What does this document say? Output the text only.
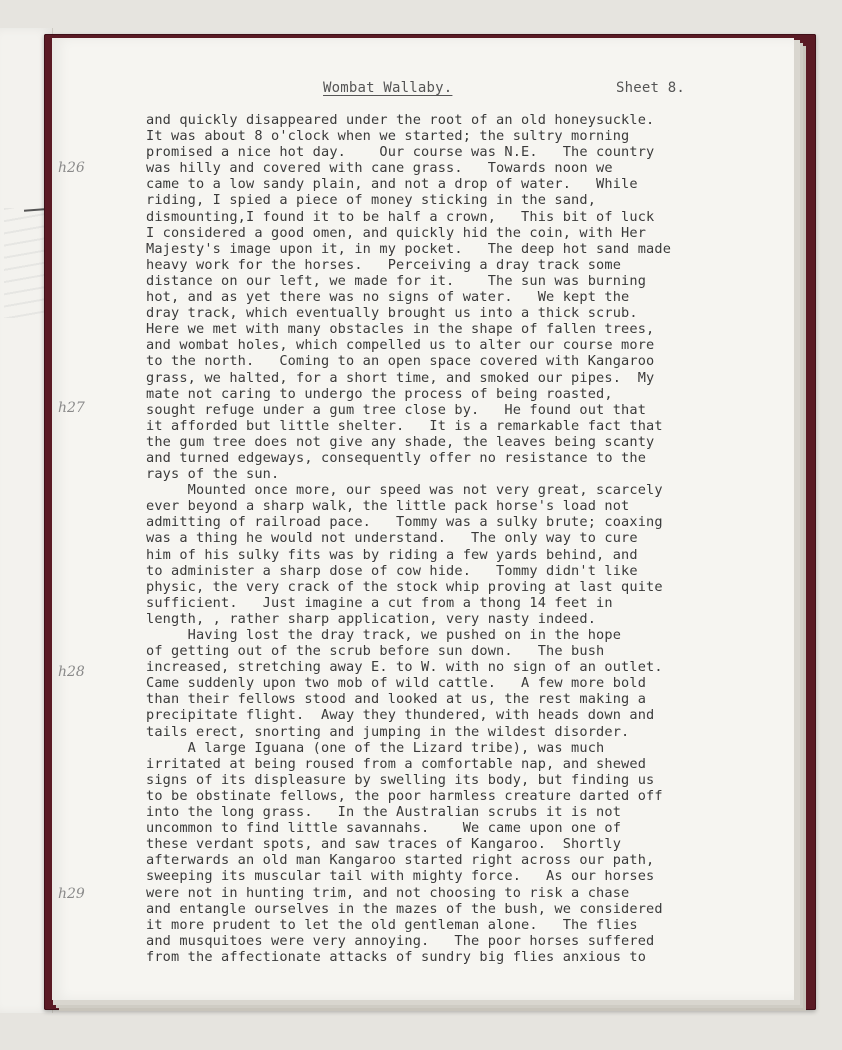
Wombat Wallaby.	Sheet 8.
h26
h27
h28
h29
and quickly disappeared under the root of an old honeysuckle.
It was about 8 o'clock when we started; the sultry morning
promised a nice hot day.    Our course was N.E.   The country
was hilly and covered with cane grass.   Towards noon we
came to a low sandy plain, and not a drop of water.   While
riding, I spied a piece of money sticking in the sand,
dismounting,I found it to be half a crown,   This bit of luck
I considered a good omen, and quickly hid the coin, with Her
Majesty's image upon it, in my pocket.   The deep hot sand made
heavy work for the horses.   Perceiving a dray track some
distance on our left, we made for it.    The sun was burning
hot, and as yet there was no signs of water.   We kept the
dray track, which eventually brought us into a thick scrub.
Here we met with many obstacles in the shape of fallen trees,
and wombat holes, which compelled us to alter our course more
to the north.   Coming to an open space covered with Kangaroo
grass, we halted, for a short time, and smoked our pipes.  My
mate not caring to undergo the process of being roasted,
sought refuge under a gum tree close by.   He found out that
it afforded but little shelter.   It is a remarkable fact that
the gum tree does not give any shade, the leaves being scanty
and turned edgeways, consequently offer no resistance to the
rays of the sun.
Mounted once more, our speed was not very great, scarcely
ever beyond a sharp walk, the little pack horse's load not
admitting of railroad pace.   Tommy was a sulky brute; coaxing
was a thing he would not understand.   The only way to cure
him of his sulky fits was by riding a few yards behind, and
to administer a sharp dose of cow hide.   Tommy didn't like
physic, the very crack of the stock whip proving at last quite
sufficient.   Just imagine a cut from a thong 14 feet in
length, , rather sharp application, very nasty indeed.
Having lost the dray track, we pushed on in the hope
of getting out of the scrub before sun down.   The bush
increased, stretching away E. to W. with no sign of an outlet.
Came suddenly upon two mob of wild cattle.   A few more bold
than their fellows stood and looked at us, the rest making a
precipitate flight.  Away they thundered, with heads down and
tails erect, snorting and jumping in the wildest disorder.
A large Iguana (one of the Lizard tribe), was much
irritated at being roused from a comfortable nap, and shewed
signs of its displeasure by swelling its body, but finding us
to be obstinate fellows, the poor harmless creature darted off
into the long grass.   In the Australian scrubs it is not
uncommon to find little savannahs.    We came upon one of
these verdant spots, and saw traces of Kangaroo.  Shortly
afterwards an old man Kangaroo started right across our path,
sweeping its muscular tail with mighty force.   As our horses
were not in hunting trim, and not choosing to risk a chase
and entangle ourselves in the mazes of the bush, we considered
it more prudent to let the old gentleman alone.   The flies
and musquitoes were very annoying.   The poor horses suffered
from the affectionate attacks of sundry big flies anxious to
